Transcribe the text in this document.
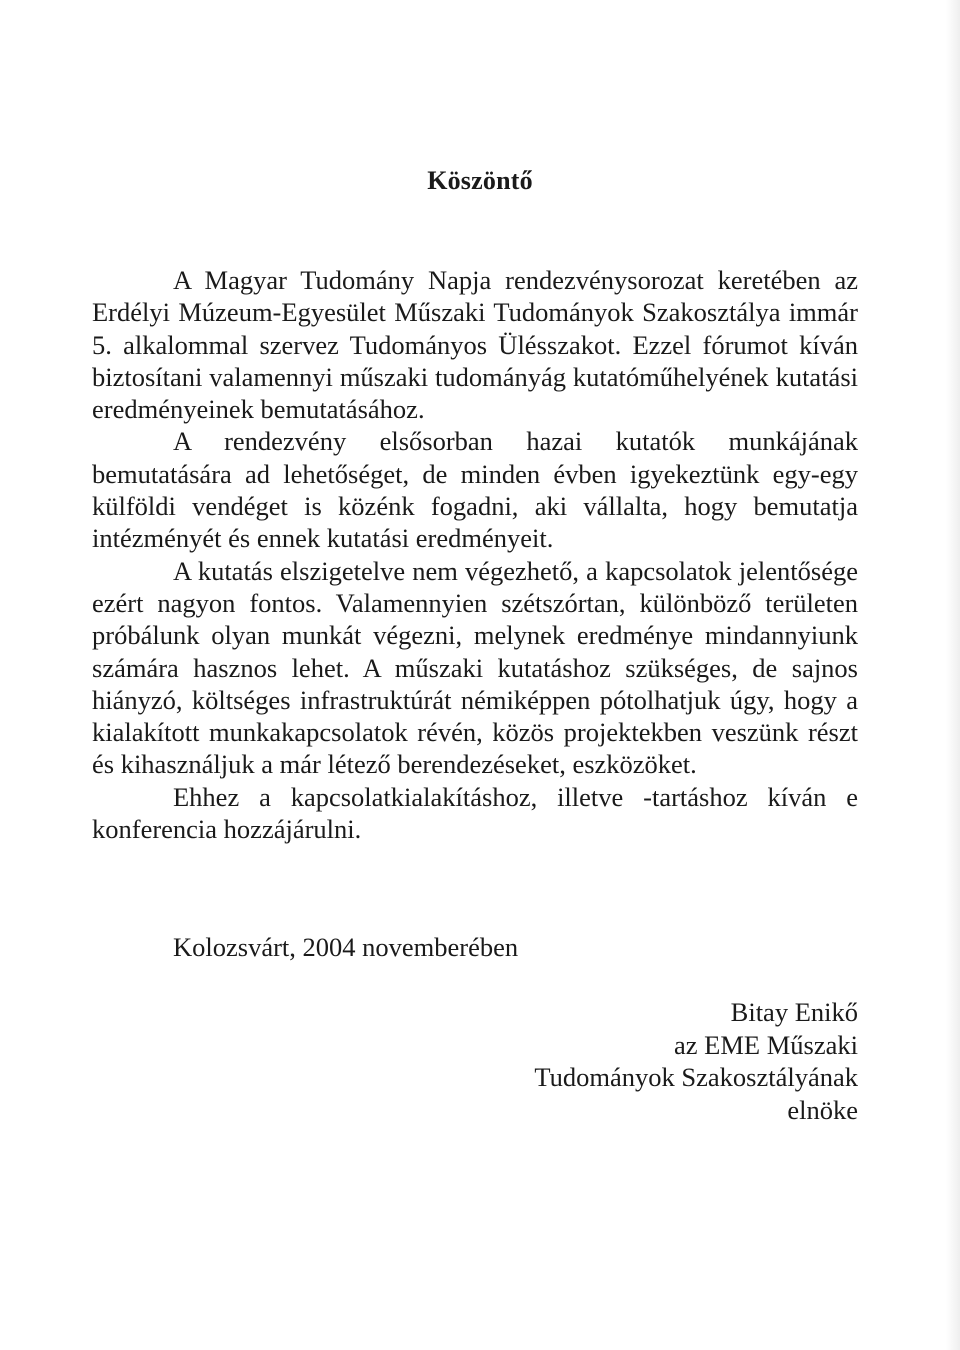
Köszöntő

A Magyar Tudomány Napja rendezvénysorozat keretében az Erdélyi Múzeum-Egyesület Műszaki Tudományok Szakosztálya immár 5. alkalommal szervez Tudományos Ülésszakot. Ezzel fórumot kíván biztosítani valamennyi műszaki tudományág kutatóműhelyének kutatási eredményeinek bemutatásához.

A rendezvény elsősorban hazai kutatók munkájának bemutatására ad lehetőséget, de minden évben igyekeztünk egy-egy külföldi vendéget is közénk fogadni, aki vállalta, hogy bemutatja intézményét és ennek kutatási eredményeit.

A kutatás elszigetelve nem végezhető, a kapcsolatok jelentősége ezért nagyon fontos. Valamennyien szétszórtan, különböző területen próbálunk olyan munkát végezni, melynek eredménye mindannyiunk számára hasznos lehet. A műszaki kutatáshoz szükséges, de sajnos hiányzó, költséges infrastruktúrát némiképpen pótolhatjuk úgy, hogy a kialakított munkakapcsolatok révén, közös projektekben veszünk részt és kihasználjuk a már létező berendezéseket, eszközöket.

Ehhez a kapcsolatkialakításhoz, illetve -tartáshoz kíván e konferencia hozzájárulni.

Kolozsvárt, 2004 novemberében
Bitay Enikő
az EME Műszaki
Tudományok Szakosztályának
elnöke
